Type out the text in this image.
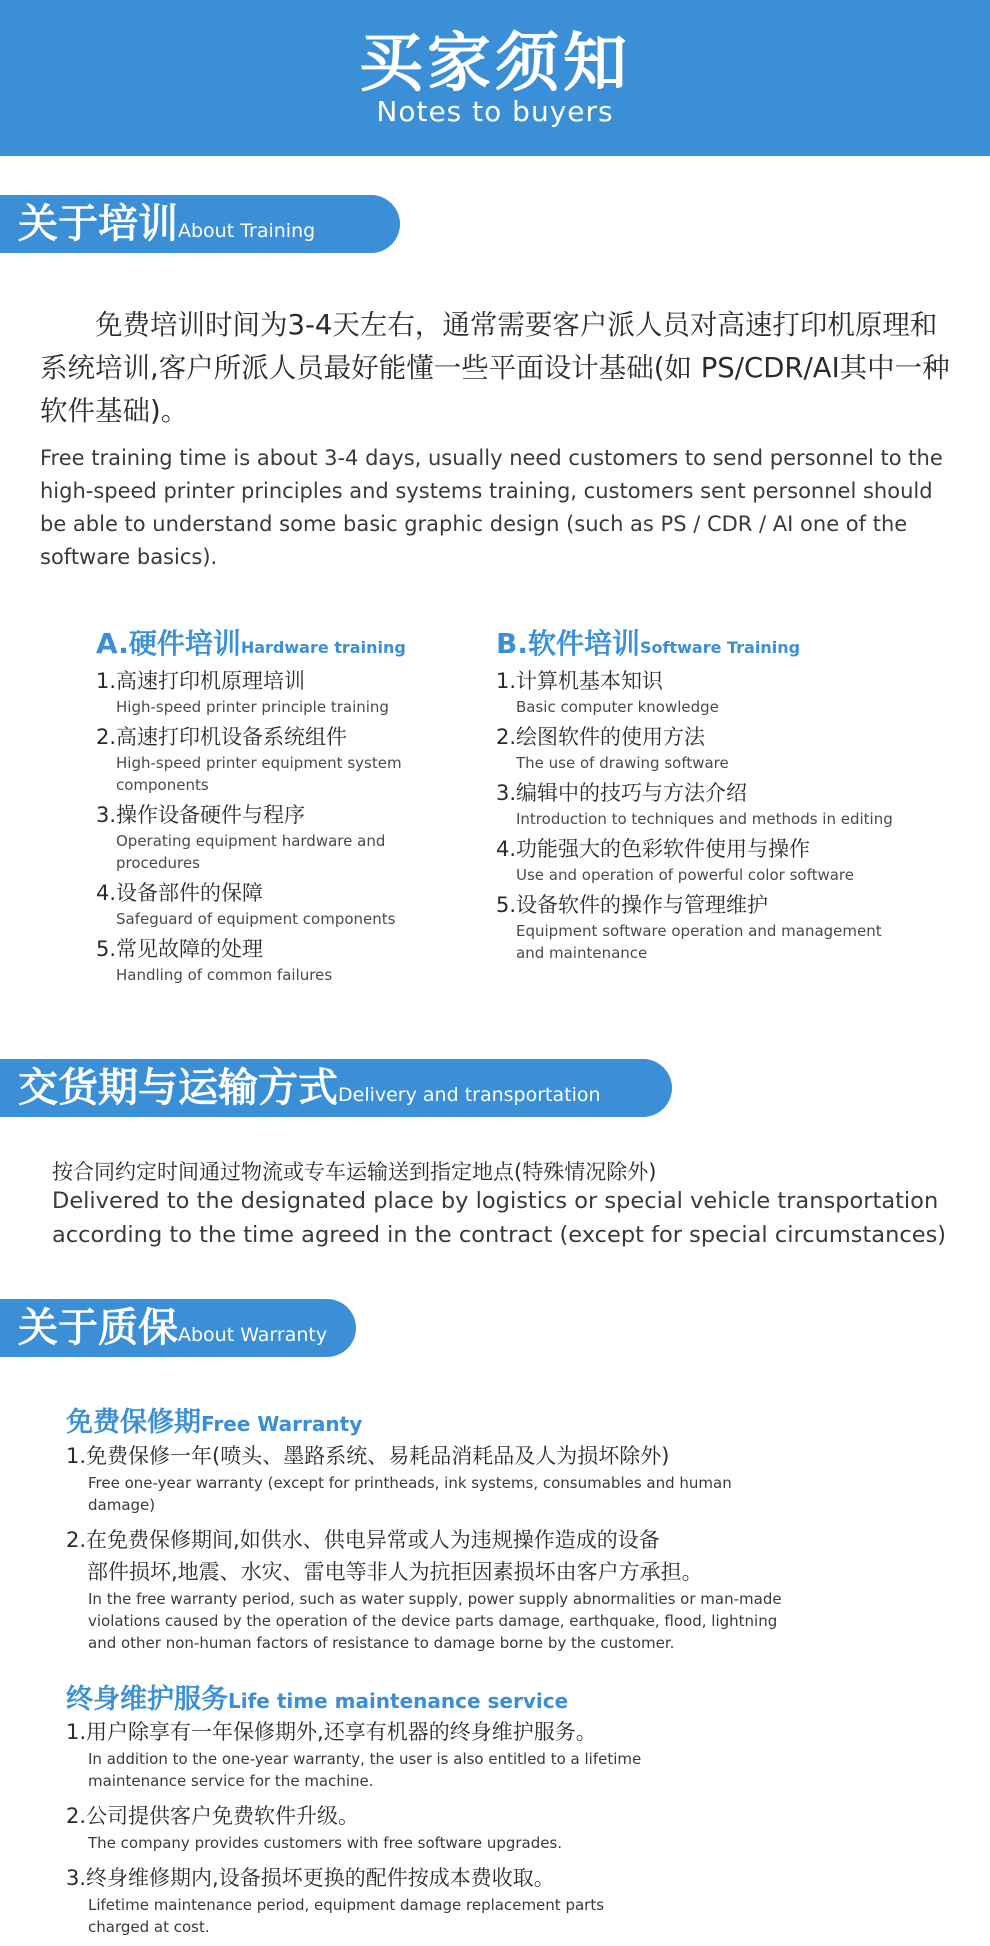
买家须知
Notes to buyers
关于培训About Training
免费培训时间为3-4天左右，通常需要客户派人员对高速打印机原理和系统培训,客户所派人员最好能懂一些平面设计基础(如 PS/CDR/AI其中一种软件基础)。
Free training time is about 3-4 days, usually need customers to send personnel to the high-speed printer principles and systems training, customers sent personnel should be able to understand some basic graphic design (such as PS / CDR / AI one of the software basics).
A.硬件培训Hardware training
1.高速打印机原理培训
High-speed printer principle training
2.高速打印机设备系统组件
High-speed printer equipment system components
3.操作设备硬件与程序
Operating equipment hardware and procedures
4.设备部件的保障
Safeguard of equipment components
5.常见故障的处理
Handling of common failures
B.软件培训Software Training
1.计算机基本知识
Basic computer knowledge
2.绘图软件的使用方法
The use of drawing software
3.编辑中的技巧与方法介绍
Introduction to techniques and methods in editing
4.功能强大的色彩软件使用与操作
Use and operation of powerful color software
5.设备软件的操作与管理维护
Equipment software operation and management and maintenance
交货期与运输方式Delivery and transportation
按合同约定时间通过物流或专车运输送到指定地点(特殊情况除外)
Delivered to the designated place by logistics or special vehicle transportation according to the time agreed in the contract (except for special circumstances)
关于质保About Warranty
免费保修期Free Warranty
1.免费保修一年(喷头、墨路系统、易耗品消耗品及人为损坏除外)
Free one-year warranty (except for printheads, ink systems, consumables and human damage)
2.在免费保修期间,如供水、供电异常或人为违规操作造成的设备
部件损坏,地震、水灾、雷电等非人为抗拒因素损坏由客户方承担。
In the free warranty period, such as water supply, power supply abnormalities or man-made violations caused by the operation of the device parts damage, earthquake, flood, lightning and other non-human factors of resistance to damage borne by the customer.
终身维护服务Life time maintenance service
1.用户除享有一年保修期外,还享有机器的终身维护服务。
In addition to the one-year warranty, the user is also entitled to a lifetime maintenance service for the machine.
2.公司提供客户免费软件升级。
The company provides customers with free software upgrades.
3.终身维修期内,设备损坏更换的配件按成本费收取。
Lifetime maintenance period, equipment damage replacement parts charged at cost.
